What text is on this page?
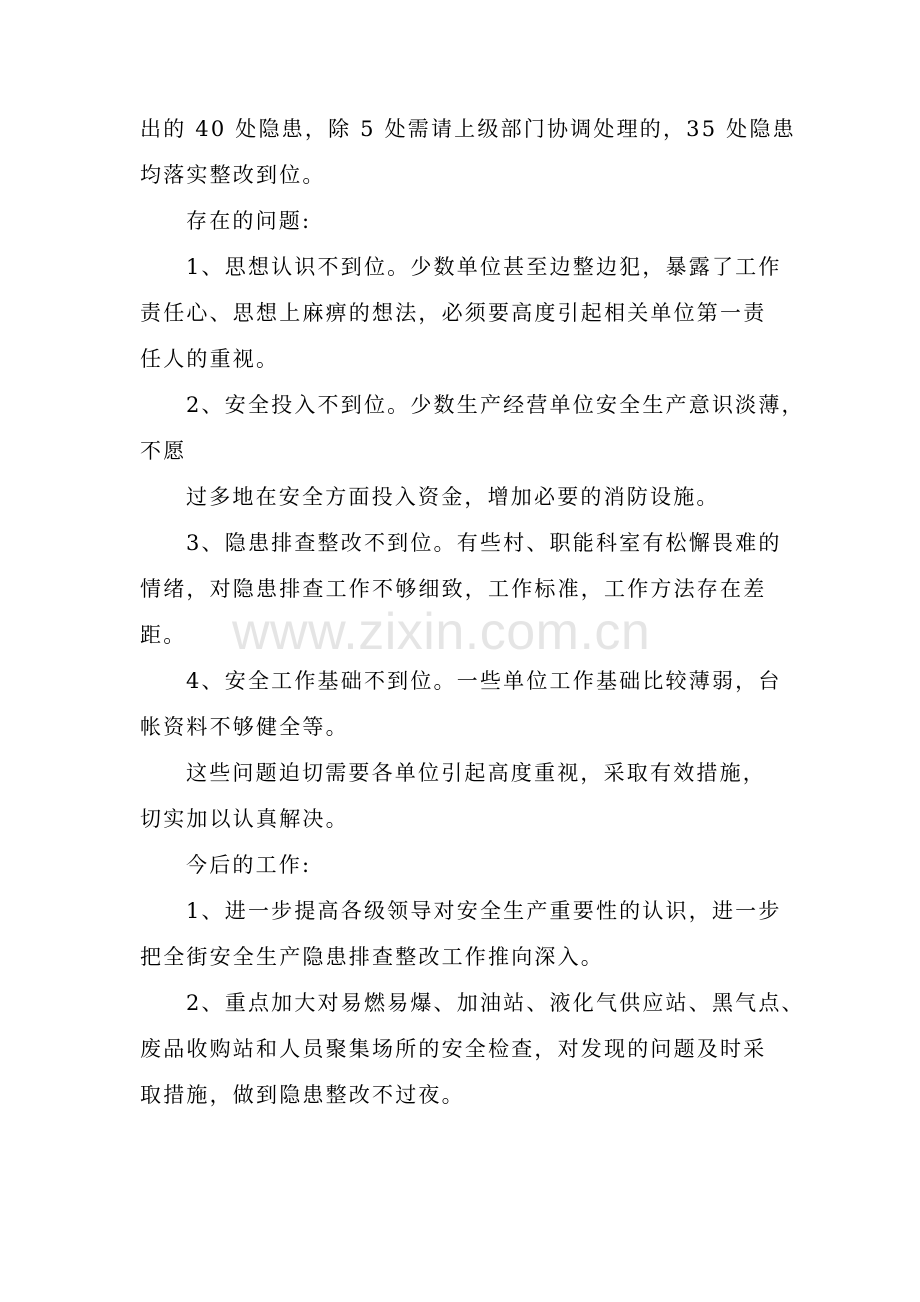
出的 40 处隐患，除 5 处需请上级部门协调处理的，35 处隐患
均落实整改到位。
存在的问题:
1、思想认识不到位。少数单位甚至边整边犯，暴露了工作
责任心、思想上麻痹的想法，必须要高度引起相关单位第一责
任人的重视。
2、安全投入不到位。少数生产经营单位安全生产意识淡薄，
不愿
过多地在安全方面投入资金，增加必要的消防设施。
3、隐患排查整改不到位。有些村、职能科室有松懈畏难的
情绪，对隐患排查工作不够细致，工作标准，工作方法存在差
距。
4、安全工作基础不到位。一些单位工作基础比较薄弱，台
帐资料不够健全等。
这些问题迫切需要各单位引起高度重视，采取有效措施，
切实加以认真解决。
今后的工作:
1、进一步提高各级领导对安全生产重要性的认识，进一步
把全街安全生产隐患排查整改工作推向深入。
2、重点加大对易燃易爆、加油站、液化气供应站、黑气点、
废品收购站和人员聚集场所的安全检查，对发现的问题及时采
取措施，做到隐患整改不过夜。
www.zixin.com.cn
